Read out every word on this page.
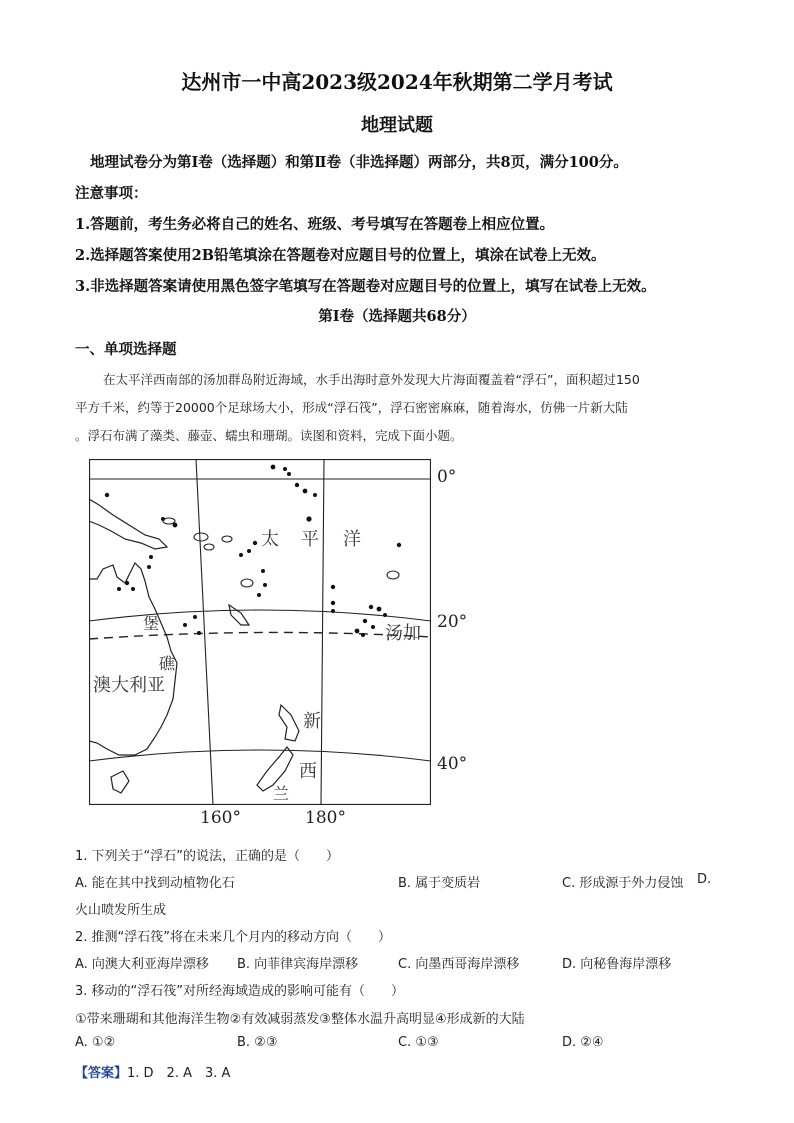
达州市一中高2023级2024年秋期第二学月考试
地理试题
地理试卷分为第Ⅰ卷（选择题）和第Ⅱ卷（非选择题）两部分，共8页，满分100分。
注意事项：
1.答题前，考生务必将自己的姓名、班级、考号填写在答题卷上相应位置。
2.选择题答案使用2B铅笔填涂在答题卷对应题目号的位置上，填涂在试卷上无效。
3.非选择题答案请使用黑色签字笔填写在答题卷对应题目号的位置上，填写在试卷上无效。
第Ⅰ卷（选择题共68分）
一、单项选择题
在太平洋西南部的汤加群岛附近海域，水手出海时意外发现大片海面覆盖着“浮石”，面积超过150
平方千米，约等于20000个足球场大小，形成“浮石筏”，浮石密密麻麻，随着海水，仿佛一片新大陆
。浮石布满了藻类、藤壶、蠕虫和珊瑚。读图和资料，完成下面小题。
太 平 洋
汤加
澳大利亚
堡
礁
新
西
兰
0°
20°
40°
160°	180°
1. 下列关于“浮石”的说法，正确的是（　　）
A. 能在其中找到动植物化石	B. 属于变质岩	C. 形成源于外力侵蚀 D.
火山喷发所生成
2. 推测“浮石筏”将在未来几个月内的移动方向（　　）
A. 向澳大利亚海岸漂移 B. 向菲律宾海岸漂移	C. 向墨西哥海岸漂移	D. 向秘鲁海岸漂移
3. 移动的“浮石筏”对所经海域造成的影响可能有（　　）
①带来珊瑚和其他海洋生物②有效减弱蒸发③整体水温升高明显④形成新的大陆
A. ①②	B. ②③	C. ①③	D. ②④
【答案】1. D　2. A　3. A
